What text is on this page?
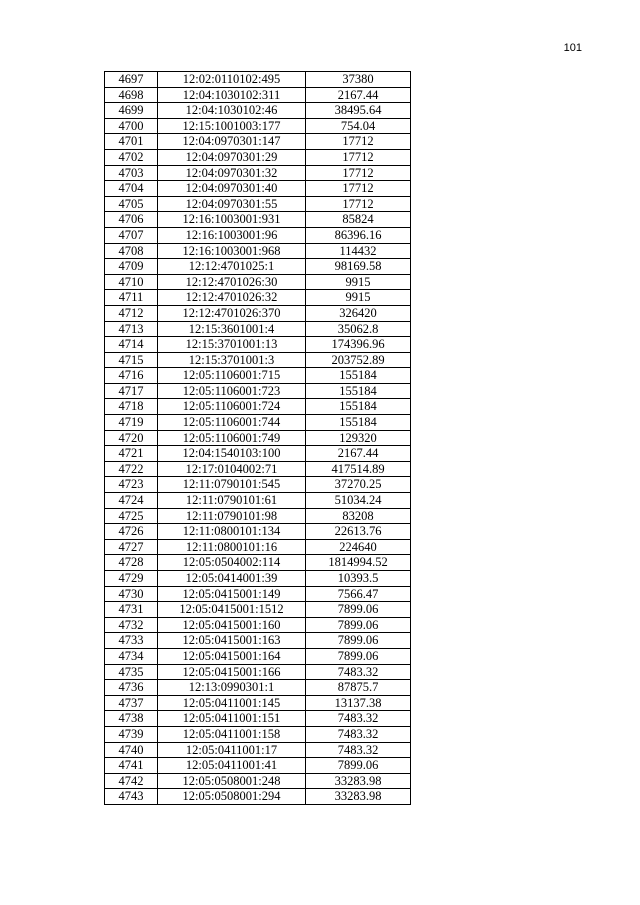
101
4697	12:02:0110102:495	37380
4698	12:04:1030102:311	2167.44
4699	12:04:1030102:46	38495.64
4700	12:15:1001003:177	754.04
4701	12:04:0970301:147	17712
4702	12:04:0970301:29	17712
4703	12:04:0970301:32	17712
4704	12:04:0970301:40	17712
4705	12:04:0970301:55	17712
4706	12:16:1003001:931	85824
4707	12:16:1003001:96	86396.16
4708	12:16:1003001:968	114432
4709	12:12:4701025:1	98169.58
4710	12:12:4701026:30	9915
4711	12:12:4701026:32	9915
4712	12:12:4701026:370	326420
4713	12:15:3601001:4	35062.8
4714	12:15:3701001:13	174396.96
4715	12:15:3701001:3	203752.89
4716	12:05:1106001:715	155184
4717	12:05:1106001:723	155184
4718	12:05:1106001:724	155184
4719	12:05:1106001:744	155184
4720	12:05:1106001:749	129320
4721	12:04:1540103:100	2167.44
4722	12:17:0104002:71	417514.89
4723	12:11:0790101:545	37270.25
4724	12:11:0790101:61	51034.24
4725	12:11:0790101:98	83208
4726	12:11:0800101:134	22613.76
4727	12:11:0800101:16	224640
4728	12:05:0504002:114	1814994.52
4729	12:05:0414001:39	10393.5
4730	12:05:0415001:149	7566.47
4731	12:05:0415001:1512	7899.06
4732	12:05:0415001:160	7899.06
4733	12:05:0415001:163	7899.06
4734	12:05:0415001:164	7899.06
4735	12:05:0415001:166	7483.32
4736	12:13:0990301:1	87875.7
4737	12:05:0411001:145	13137.38
4738	12:05:0411001:151	7483.32
4739	12:05:0411001:158	7483.32
4740	12:05:0411001:17	7483.32
4741	12:05:0411001:41	7899.06
4742	12:05:0508001:248	33283.98
4743	12:05:0508001:294	33283.98
